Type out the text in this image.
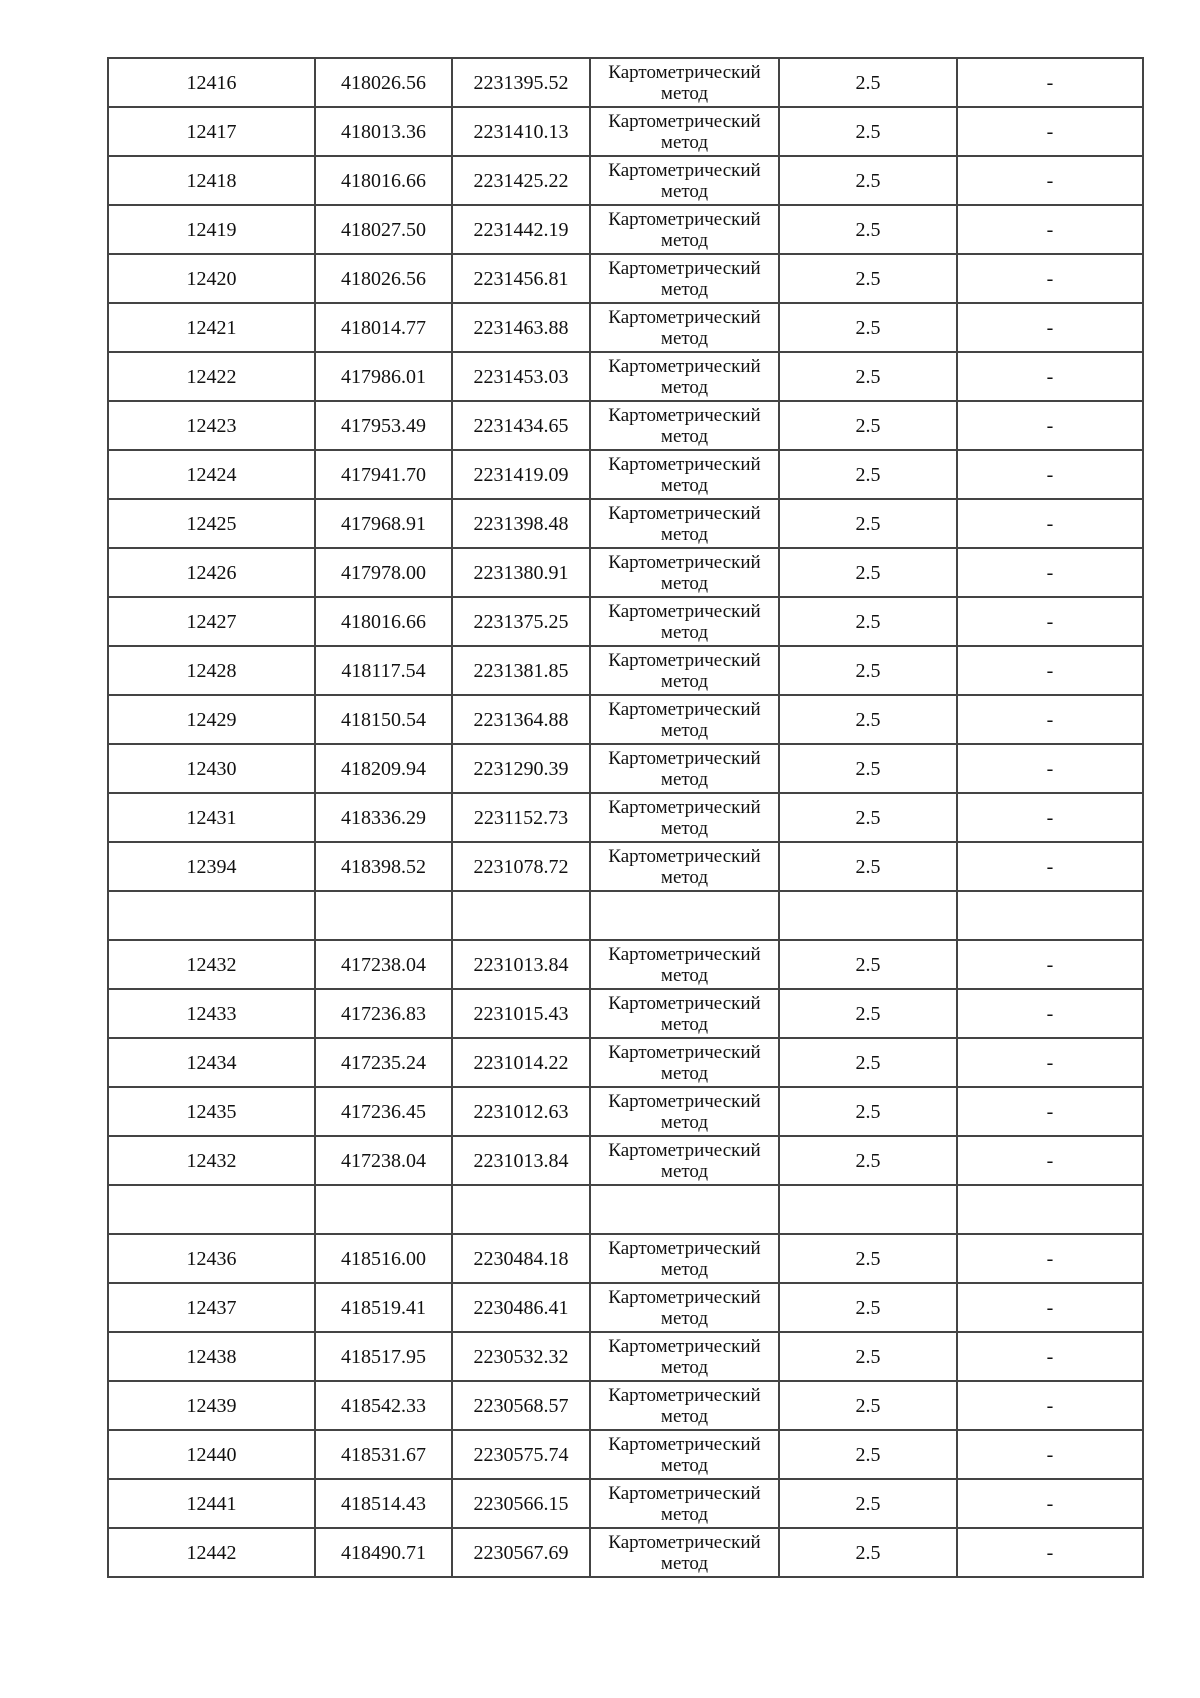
12416	418026.56	2231395.52	Картометрический метод	2.5	-
12417	418013.36	2231410.13	Картометрический метод	2.5	-
12418	418016.66	2231425.22	Картометрический метод	2.5	-
12419	418027.50	2231442.19	Картометрический метод	2.5	-
12420	418026.56	2231456.81	Картометрический метод	2.5	-
12421	418014.77	2231463.88	Картометрический метод	2.5	-
12422	417986.01	2231453.03	Картометрический метод	2.5	-
12423	417953.49	2231434.65	Картометрический метод	2.5	-
12424	417941.70	2231419.09	Картометрический метод	2.5	-
12425	417968.91	2231398.48	Картометрический метод	2.5	-
12426	417978.00	2231380.91	Картометрический метод	2.5	-
12427	418016.66	2231375.25	Картометрический метод	2.5	-
12428	418117.54	2231381.85	Картометрический метод	2.5	-
12429	418150.54	2231364.88	Картометрический метод	2.5	-
12430	418209.94	2231290.39	Картометрический метод	2.5	-
12431	418336.29	2231152.73	Картометрический метод	2.5	-
12394	418398.52	2231078.72	Картометрический метод	2.5	-

12432	417238.04	2231013.84	Картометрический метод	2.5	-
12433	417236.83	2231015.43	Картометрический метод	2.5	-
12434	417235.24	2231014.22	Картометрический метод	2.5	-
12435	417236.45	2231012.63	Картометрический метод	2.5	-
12432	417238.04	2231013.84	Картометрический метод	2.5	-

12436	418516.00	2230484.18	Картометрический метод	2.5	-
12437	418519.41	2230486.41	Картометрический метод	2.5	-
12438	418517.95	2230532.32	Картометрический метод	2.5	-
12439	418542.33	2230568.57	Картометрический метод	2.5	-
12440	418531.67	2230575.74	Картометрический метод	2.5	-
12441	418514.43	2230566.15	Картометрический метод	2.5	-
12442	418490.71	2230567.69	Картометрический метод	2.5	-
